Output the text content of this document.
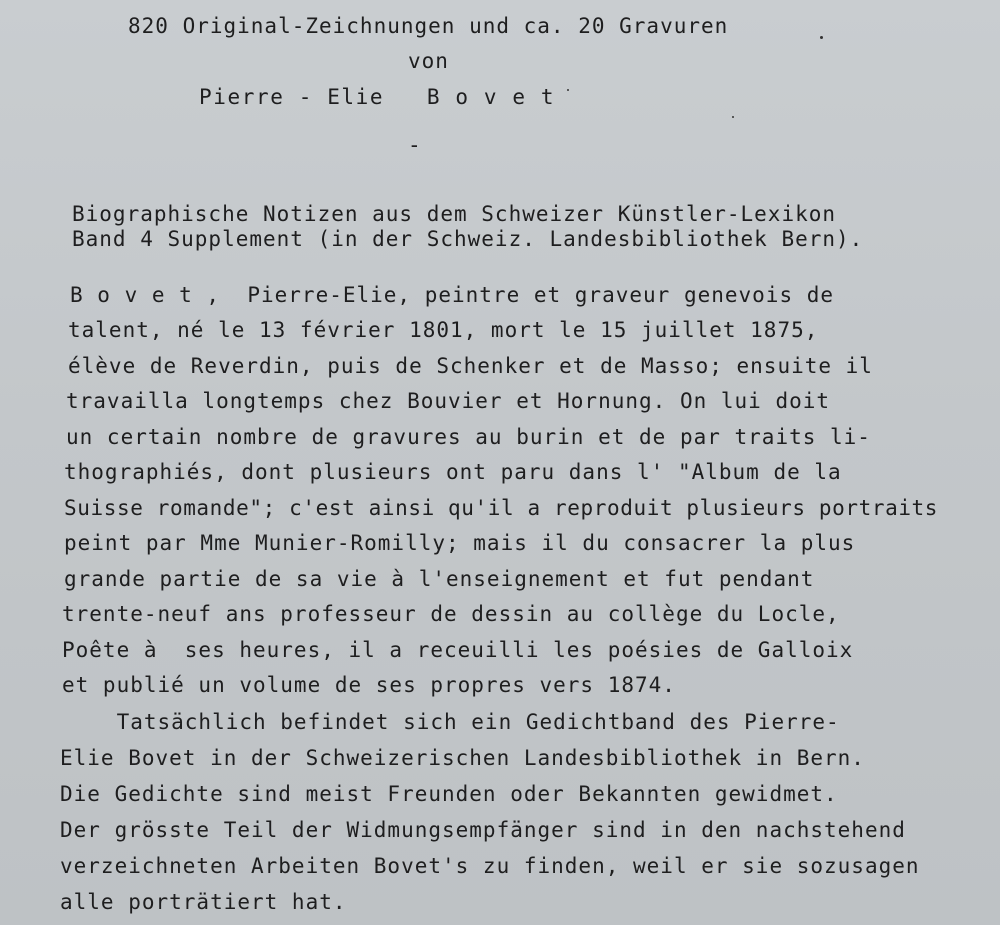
820 Original-Zeichnungen und ca. 20 Gravuren
von
Pierre - Elie   B o v e t
-
Biographische Notizen aus dem Schweizer Künstler-Lexikon
Band 4 Supplement (in der Schweiz. Landesbibliothek Bern).
B o v e t ,  Pierre-Elie, peintre et graveur genevois de
talent, né le 13 février 1801, mort le 15 juillet 1875,
élève de Reverdin, puis de Schenker et de Masso; ensuite il
travailla longtemps chez Bouvier et Hornung. On lui doit
un certain nombre de gravures au burin et de par traits li-
thographiés, dont plusieurs ont paru dans l' "Album de la
Suisse romande"; c'est ainsi qu'il a reproduit plusieurs portraits
peint par Mme Munier-Romilly; mais il du consacrer la plus
grande partie de sa vie à l'enseignement et fut pendant
trente-neuf ans professeur de dessin au collège du Locle,
Poête à  ses heures, il a receuilli les poésies de Galloix
et publié un volume de ses propres vers 1874.
Tatsächlich befindet sich ein Gedichtband des Pierre-
Elie Bovet in der Schweizerischen Landesbibliothek in Bern.
Die Gedichte sind meist Freunden oder Bekannten gewidmet.
Der grösste Teil der Widmungsempfänger sind in den nachstehend
verzeichneten Arbeiten Bovet's zu finden, weil er sie sozusagen
alle porträtiert hat.
